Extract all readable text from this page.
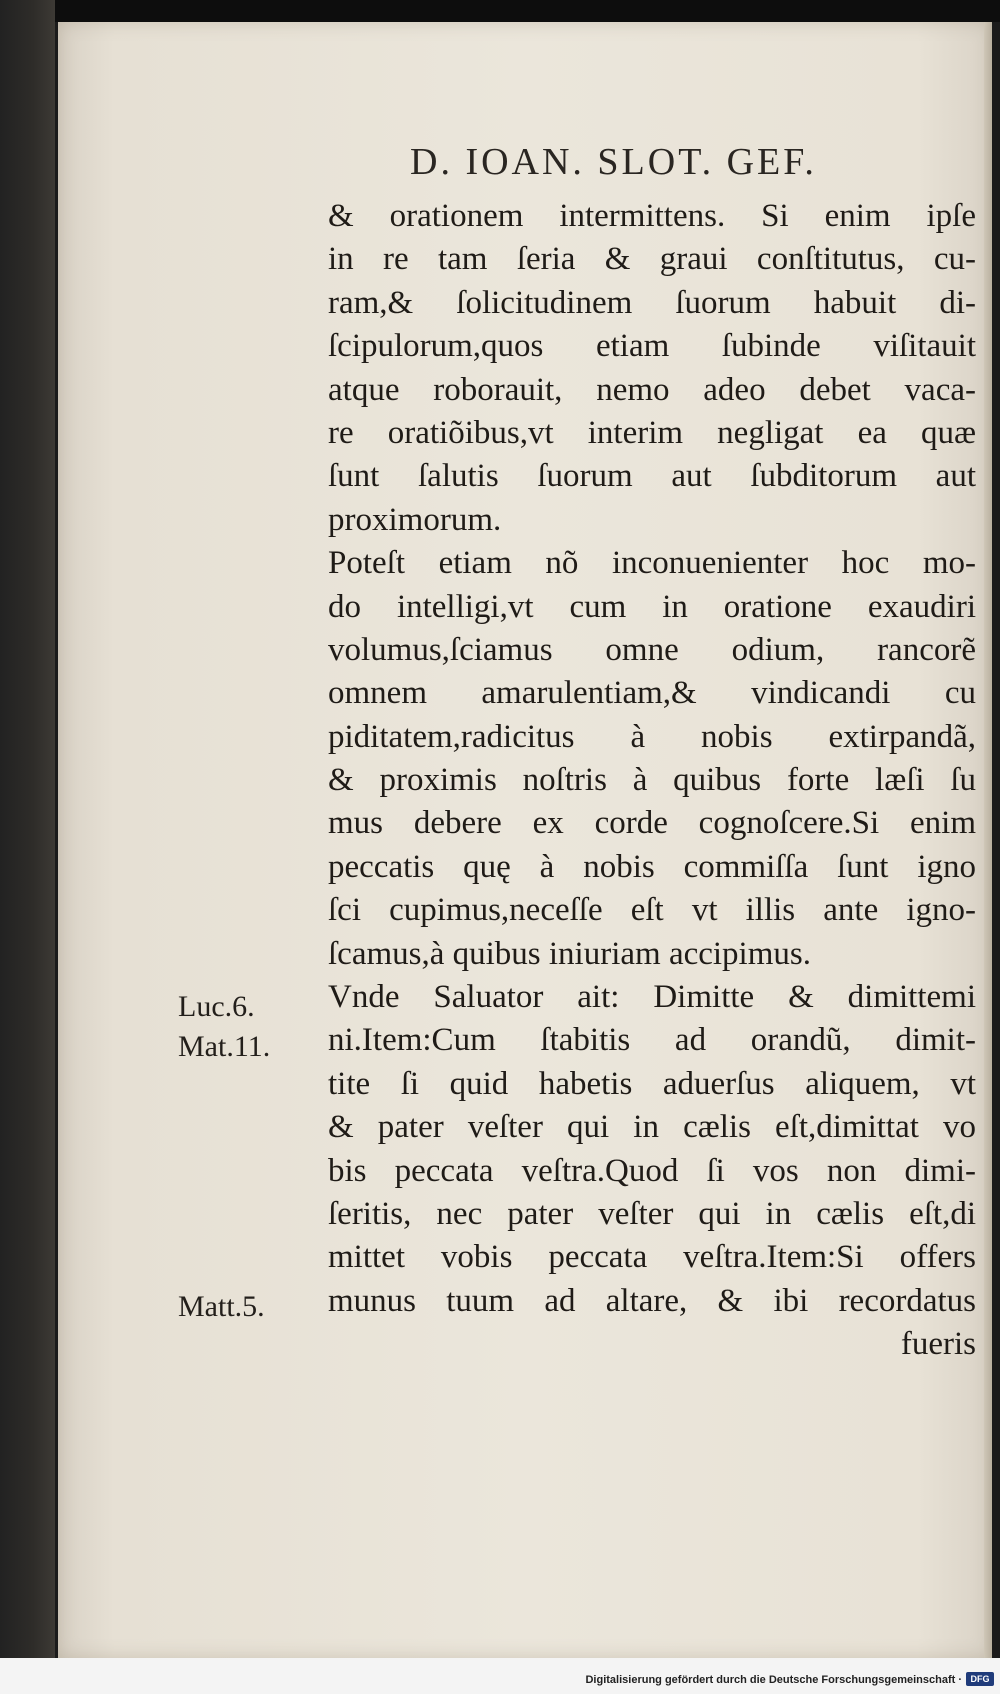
D. IOAN. SLOT. GEF.
& orationem intermittens. Si enim ipſe
in re tam ſeria & graui conſtitutus, cu-
ram,& ſolicitudinem ſuorum habuit di-
ſcipulorum,quos etiam ſubinde viſitauit
atque roborauit, nemo adeo debet vaca-
re oratiõibus,vt interim negligat ea quæ
ſunt ſalutis ſuorum aut ſubditorum aut
proximorum.
Poteſt etiam nõ inconuenienter hoc mo-
do intelligi,vt cum in oratione exaudiri
volumus,ſciamus omne odium, rancorẽ
omnem amarulentiam,& vindicandi cu
piditatem,radicitus à nobis extirpandã,
& proximis noſtris à quibus forte læſi ſu
mus debere ex corde cognoſcere.Si enim
peccatis quę à nobis commiſſa ſunt igno
ſci cupimus,neceſſe eſt vt illis ante igno-
ſcamus,à quibus iniuriam accipimus.
Vnde Saluator ait: Dimitte & dimittemi
ni.Item:Cum ſtabitis ad orandũ, dimit-
tite ſi quid habetis aduerſus aliquem, vt
& pater veſter qui in cælis eſt,dimittat vo
bis peccata veſtra.Quod ſi vos non dimi-
ſeritis, nec pater veſter qui in cælis eſt,di
mittet vobis peccata veſtra.Item:Si offers
munus tuum ad altare, & ibi recordatus
fueris
Luc.6.
Mat.11.
Matt.5.
Digitalisierung gefördert durch die Deutsche Forschungsgemeinschaft · DFG
